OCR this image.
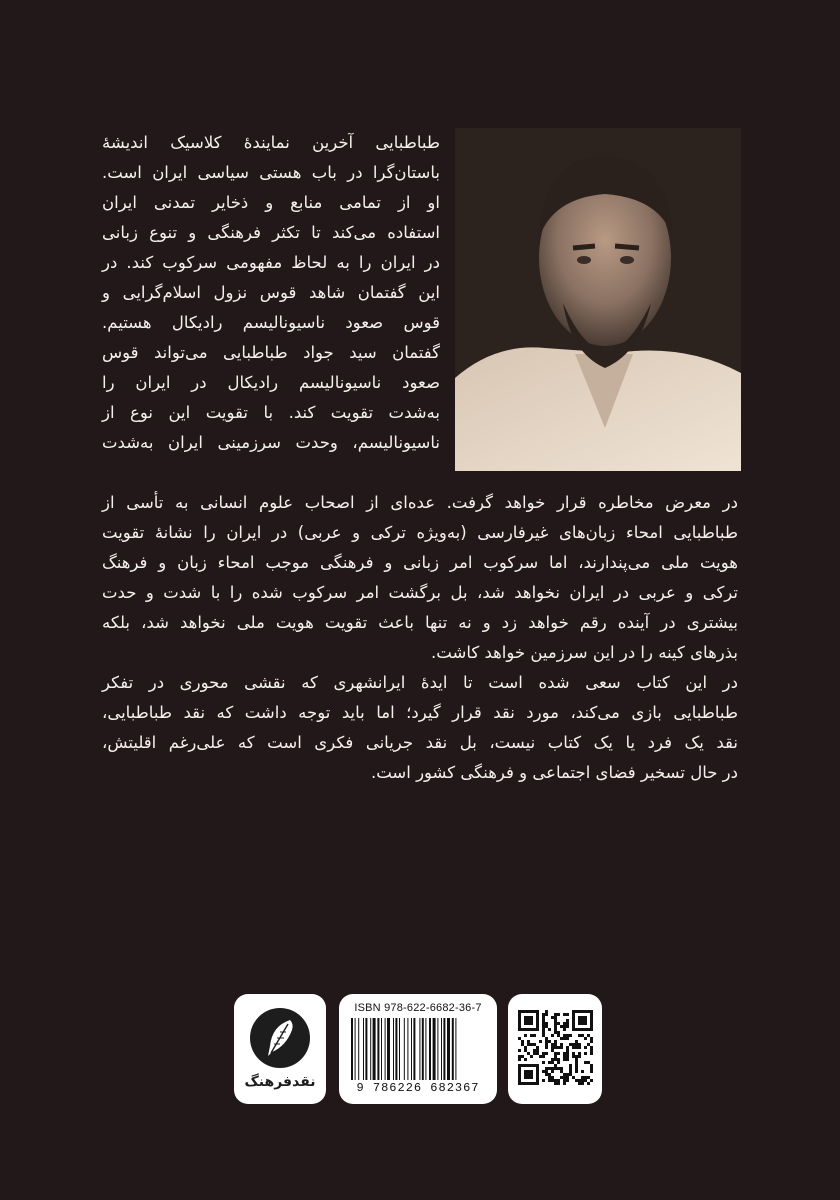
طباطبایی آخرین نمایندهٔ کلاسیک اندیشهٔ
باستان‌گرا در باب هستی سیاسی ایران است.
او از تمامی منابع و ذخایر تمدنی ایران
استفاده می‌کند تا تکثر فرهنگی و تنوع زبانی
در ایران را به لحاظ مفهومی سرکوب کند. در
این گفتمان شاهد قوس نزول اسلام‌گرایی و
قوس صعود ناسیونالیسم رادیکال هستیم.
گفتمان سید جواد طباطبایی می‌تواند قوس
صعود ناسیونالیسم رادیکال در ایران را
به‌شدت تقویت کند. با تقویت این نوع از
ناسیونالیسم، وحدت سرزمینی ایران به‌شدت
در معرض مخاطره قرار خواهد گرفت. عده‌ای از اصحاب علوم انسانی به تأسی از
طباطبایی امحاء زبان‌های غیرفارسی (به‌ویژه ترکی و عربی) در ایران را نشانهٔ تقویت
هویت ملی می‌پندارند، اما سرکوب امر زبانی و فرهنگی موجب امحاء زبان و فرهنگ
ترکی و عربی در ایران نخواهد شد، بل برگشت امر سرکوب شده را با شدت و حدت
بیشتری در آینده رقم خواهد زد و نه تنها باعث تقویت هویت ملی نخواهد شد، بلکه
بذرهای کینه را در این سرزمین خواهد کاشت.
در این کتاب سعی شده است تا ایدهٔ ایرانشهری که نقشی محوری در تفکر
طباطبایی بازی می‌کند، مورد نقد قرار گیرد؛ اما باید توجه داشت که نقد طباطبایی،
نقد یک فرد یا یک کتاب نیست، بل نقد جریانی فکری است که علی‌رغم اقلیتش،
در حال تسخیر فضای اجتماعی و فرهنگی کشور است.
نقدفرهنگ
ISBN 978-622-6682-36-7
9 786226 682367
